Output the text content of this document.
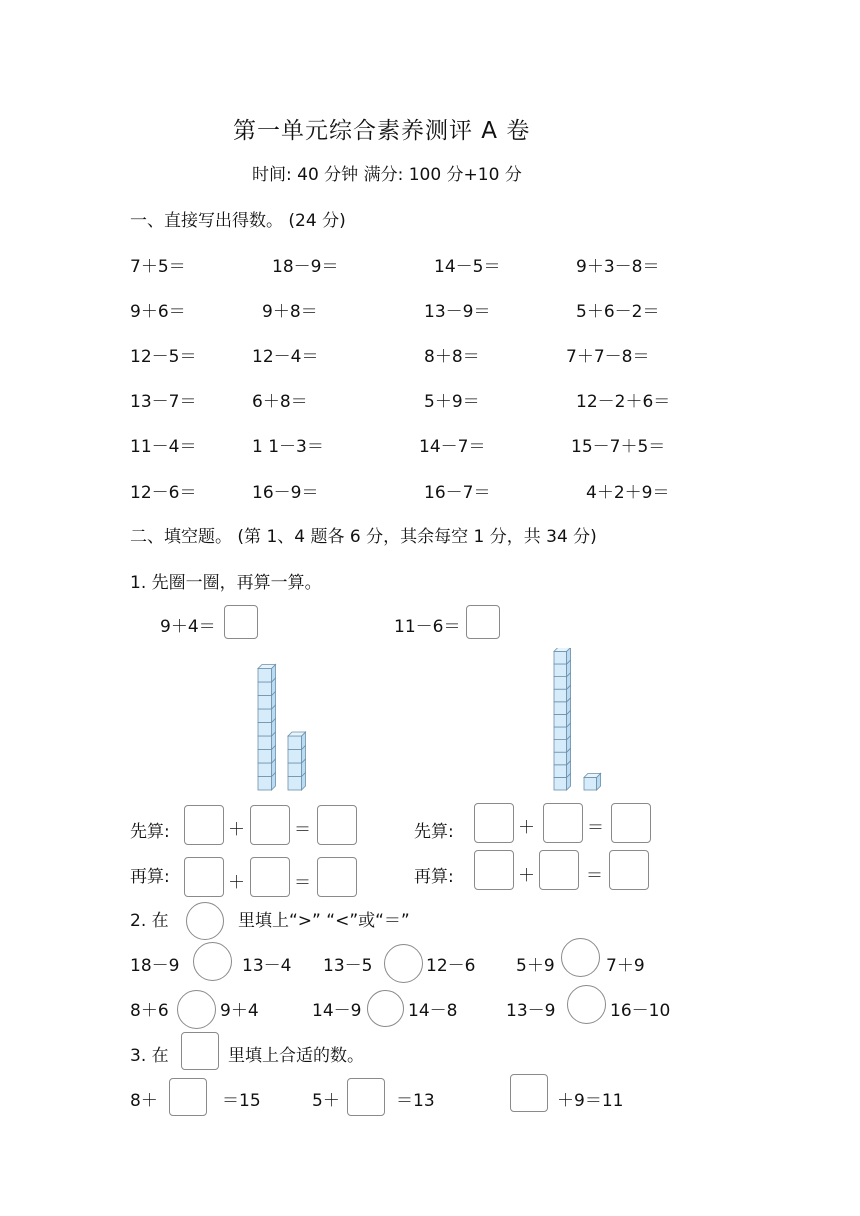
第一单元综合素养测评 A 卷
时间: 40 分钟 满分: 100 分+10 分
一、直接写出得数。 (24 分)
7＋5＝	18－9＝	14－5＝	9＋3－8＝
9＋6＝	9＋8＝	13－9＝	5＋6－2＝
12－5＝	12－4＝	8＋8＝	7＋7－8＝
13－7＝	6＋8＝	5＋9＝	12－2＋6＝
11－4＝	1 1－3＝	14－7＝	15－7＋5＝
12－6＝	16－9＝	16－7＝	4＋2＋9＝
二、填空题。 (第 1、4 题各 6 分，其余每空 1 分，共 34 分)
1. 先圈一圈，再算一算。
9＋4＝	11－6＝
先算:	＋	＝
再算:	＋	＝
先算:	＋	＝
再算:	＋	＝
2. 在	里填上“>” “<”或“＝”
18－9	13－4 13－5	12－6 5＋9	7＋9
8＋6	9＋4	14－9	14－8	13－9	16－10
3. 在	里填上合适的数。
8＋	＝15	5＋	＝13	＋9＝11
